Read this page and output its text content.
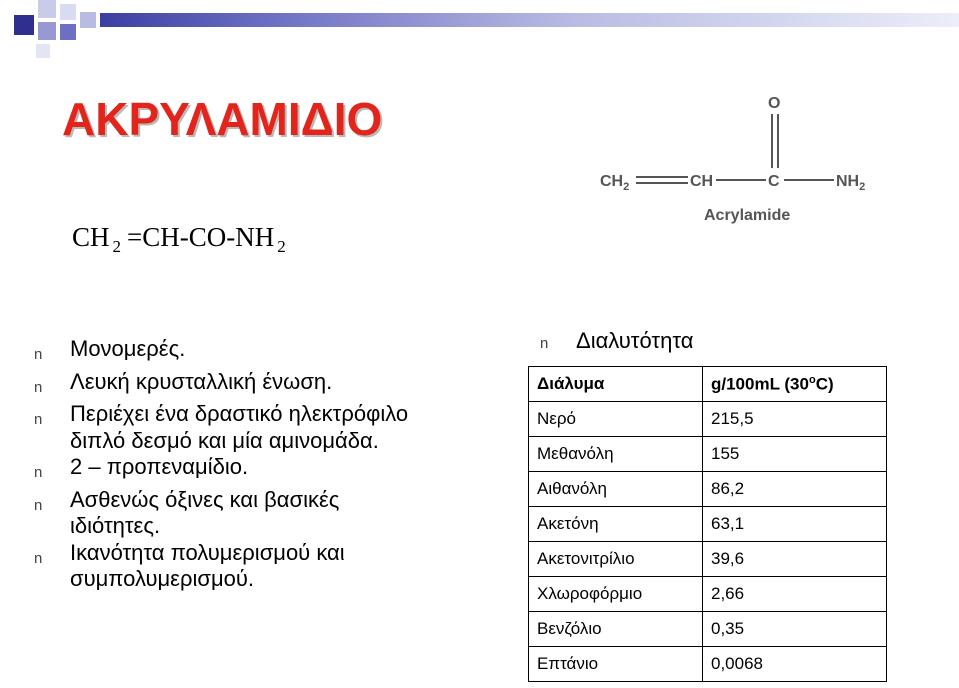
ΑΚΡΥΛΑΜΙΔΙΟ
CH $_2$ =CH-CO-NH $_2$
O
$CH_2$	CH	C	$NH_2$
Acrylamide
n	Μονομερές.
n	Λευκή κρυσταλλική ένωση.
n	Περιέχει ένα δραστικό ηλεκτρόφιλο διπλό δεσμό και μία αμινομάδα.
n	2 – προπεναμίδιο.
n	Ασθενώς όξινες και βασικές ιδιότητες.
n	Ικανότητα πολυμερισμού και συμπολυμερισμού.
n	Διαλυτότητα
Διάλυμα	g/100mL (30$^o$C)
Νερό	215,5
Μεθανόλη	155
Αιθανόλη	86,2
Ακετόνη	63,1
Ακετονιτρίλιο	39,6
Χλωροφόρμιο	2,66
Βενζόλιο	0,35
Επτάνιο	0,0068
